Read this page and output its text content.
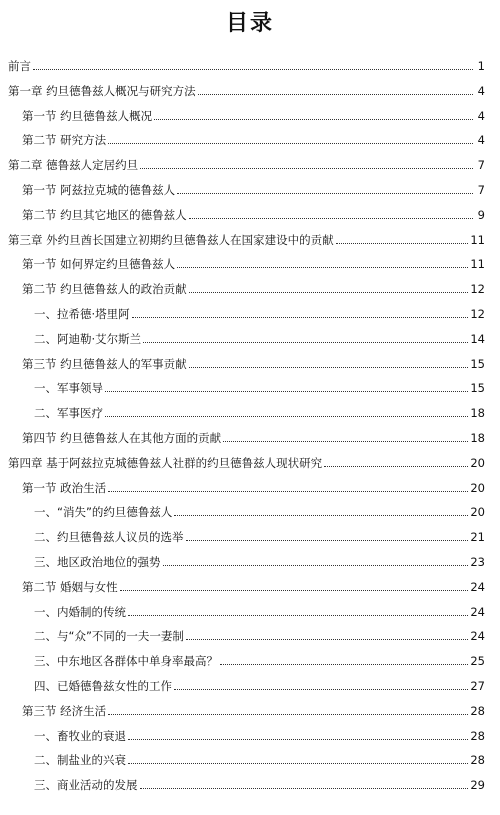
目录
前言	1
第一章 约旦德鲁兹人概况与研究方法	4
第一节 约旦德鲁兹人概况	4
第二节 研究方法	4
第二章 德鲁兹人定居约旦	7
第一节 阿兹拉克城的德鲁兹人	7
第二节 约旦其它地区的德鲁兹人	9
第三章 外约旦酋长国建立初期约旦德鲁兹人在国家建设中的贡献	11
第一节 如何界定约旦德鲁兹人	11
第二节 约旦德鲁兹人的政治贡献	12
一、拉希德·塔里阿	12
二、阿迪勒·艾尔斯兰	14
第三节 约旦德鲁兹人的军事贡献	15
一、军事领导	15
二、军事医疗	18
第四节 约旦德鲁兹人在其他方面的贡献	18
第四章 基于阿兹拉克城德鲁兹人社群的约旦德鲁兹人现状研究	20
第一节 政治生活	20
一、“消失”的约旦德鲁兹人	20
二、约旦德鲁兹人议员的选举	21
三、地区政治地位的强势	23
第二节 婚姻与女性	24
一、内婚制的传统	24
二、与“众”不同的一夫一妻制	24
三、中东地区各群体中单身率最高？	25
四、已婚德鲁兹女性的工作	27
第三节 经济生活	28
一、畜牧业的衰退	28
二、制盐业的兴衰	28
三、商业活动的发展	29
